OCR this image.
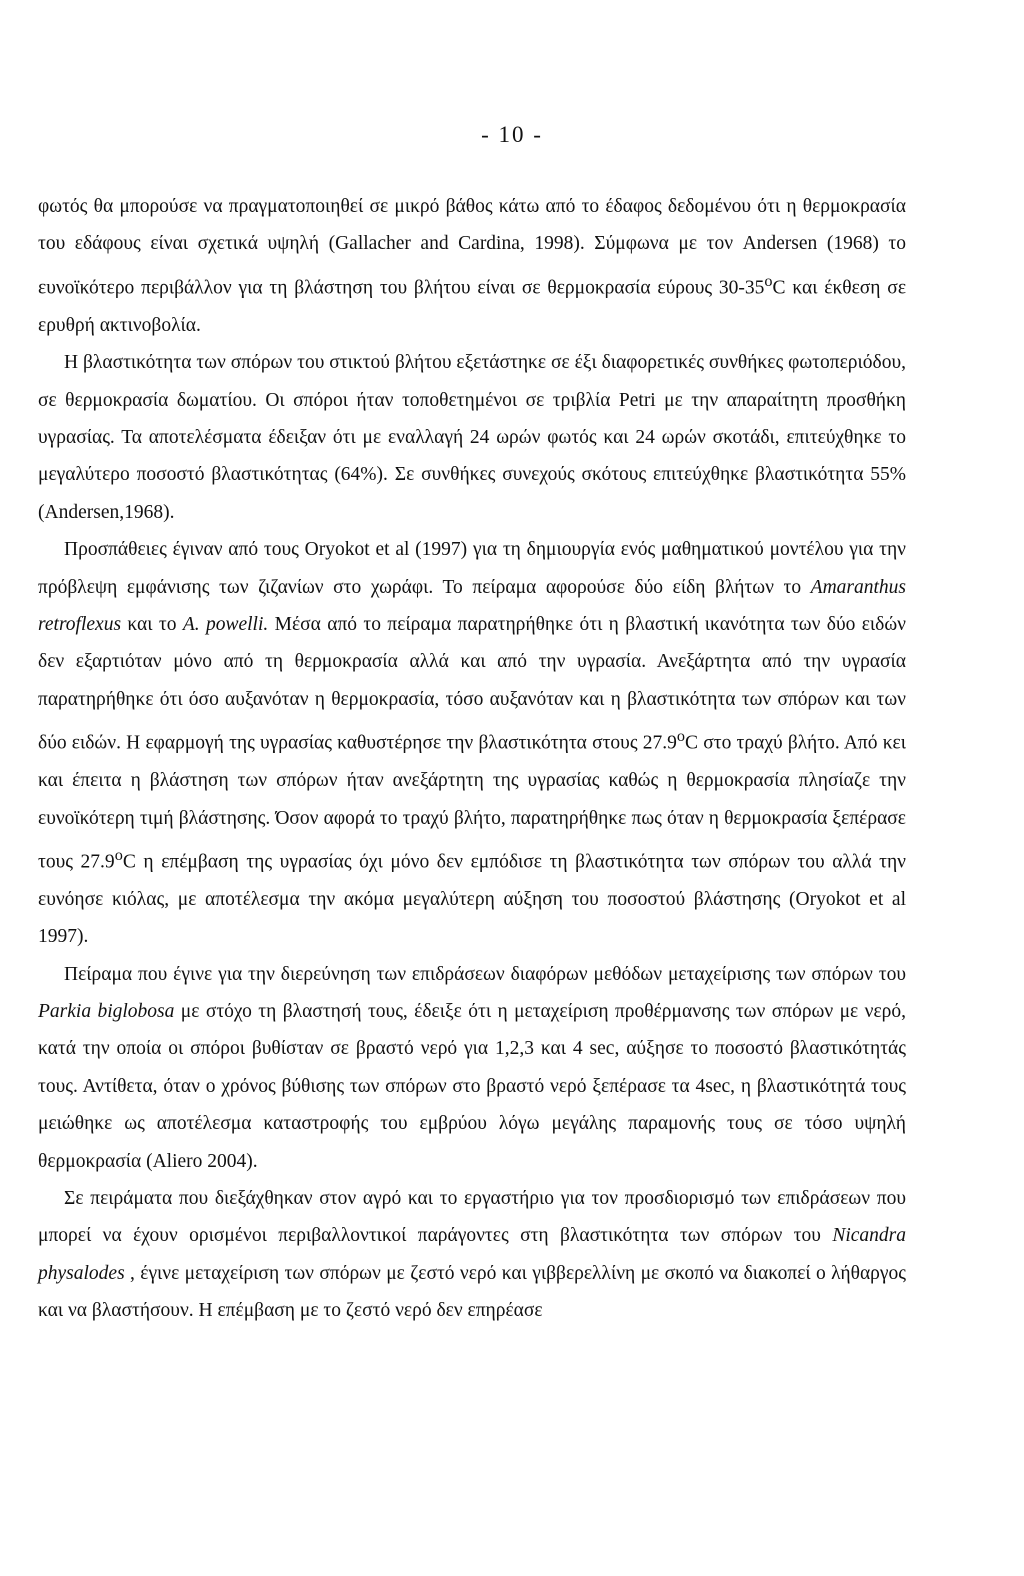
- 10 -

φωτός θα μπορούσε να πραγματοποιηθεί σε μικρό βάθος κάτω από το έδαφος δεδομένου ότι η θερμοκρασία του εδάφους είναι σχετικά υψηλή (Gallacher and Cardina, 1998). Σύμφωνα με τον Andersen (1968) το ευνοϊκότερο περιβάλλον για τη βλάστηση του βλήτου είναι σε θερμοκρασία εύρους 30-35$^o$C και έκθεση σε ερυθρή ακτινοβολία.

Η βλαστικότητα των σπόρων του στικτού βλήτου εξετάστηκε σε έξι διαφορετικές συνθήκες φωτοπεριόδου, σε θερμοκρασία δωματίου. Οι σπόροι ήταν τοποθετημένοι σε τριβλία Petri με την απαραίτητη προσθήκη υγρασίας. Τα αποτελέσματα έδειξαν ότι με εναλλαγή 24 ωρών φωτός και 24 ωρών σκοτάδι, επιτεύχθηκε το μεγαλύτερο ποσοστό βλαστικότητας (64%). Σε συνθήκες συνεχούς σκότους επιτεύχθηκε βλαστικότητα 55% (Andersen,1968).

Προσπάθειες έγιναν από τους Oryokot et al (1997) για τη δημιουργία ενός μαθηματικού μοντέλου για την πρόβλεψη εμφάνισης των ζιζανίων στο χωράφι. Το πείραμα αφορούσε δύο είδη βλήτων το Amaranthus retroflexus και το A. powelli. Μέσα από το πείραμα παρατηρήθηκε ότι η βλαστική ικανότητα των δύο ειδών δεν εξαρτιόταν μόνο από τη θερμοκρασία αλλά και από την υγρασία. Ανεξάρτητα από την υγρασία παρατηρήθηκε ότι όσο αυξανόταν η θερμοκρασία, τόσο αυξανόταν και η βλαστικότητα των σπόρων και των δύο ειδών. Η εφαρμογή της υγρασίας καθυστέρησε την βλαστικότητα στους 27.9$^o$C στο τραχύ βλήτο. Από κει και έπειτα η βλάστηση των σπόρων ήταν ανεξάρτητη της υγρασίας καθώς η θερμοκρασία πλησίαζε την ευνοϊκότερη τιμή βλάστησης. Όσον αφορά το τραχύ βλήτο, παρατηρήθηκε πως όταν η θερμοκρασία ξεπέρασε τους 27.9$^o$C η επέμβαση της υγρασίας όχι μόνο δεν εμπόδισε τη βλαστικότητα των σπόρων του αλλά την ευνόησε κιόλας, με αποτέλεσμα την ακόμα μεγαλύτερη αύξηση του ποσοστού βλάστησης (Oryokot et al 1997).

Πείραμα που έγινε για την διερεύνηση των επιδράσεων διαφόρων μεθόδων μεταχείρισης των σπόρων του Parkia biglobosa με στόχο τη βλαστησή τους, έδειξε ότι η μεταχείριση προθέρμανσης των σπόρων με νερό, κατά την οποία οι σπόροι βυθίσταν σε βραστό νερό για 1,2,3 και 4 sec, αύξησε το ποσοστό βλαστικότητάς τους. Αντίθετα, όταν ο χρόνος βύθισης των σπόρων στο βραστό νερό ξεπέρασε τα 4sec, η βλαστικότητά τους μειώθηκε ως αποτέλεσμα καταστροφής του εμβρύου λόγω μεγάλης παραμονής τους σε τόσο υψηλή θερμοκρασία (Aliero 2004).

Σε πειράματα που διεξάχθηκαν στον αγρό και το εργαστήριο για τον προσδιορισμό των επιδράσεων που μπορεί να έχουν ορισμένοι περιβαλλοντικοί παράγοντες στη βλαστικότητα των σπόρων του Nicandra physalodes , έγινε μεταχείριση των σπόρων με ζεστό νερό και γιββερελλίνη με σκοπό να διακοπεί ο λήθαργος και να βλαστήσουν. Η επέμβαση με το ζεστό νερό δεν επηρέασε
